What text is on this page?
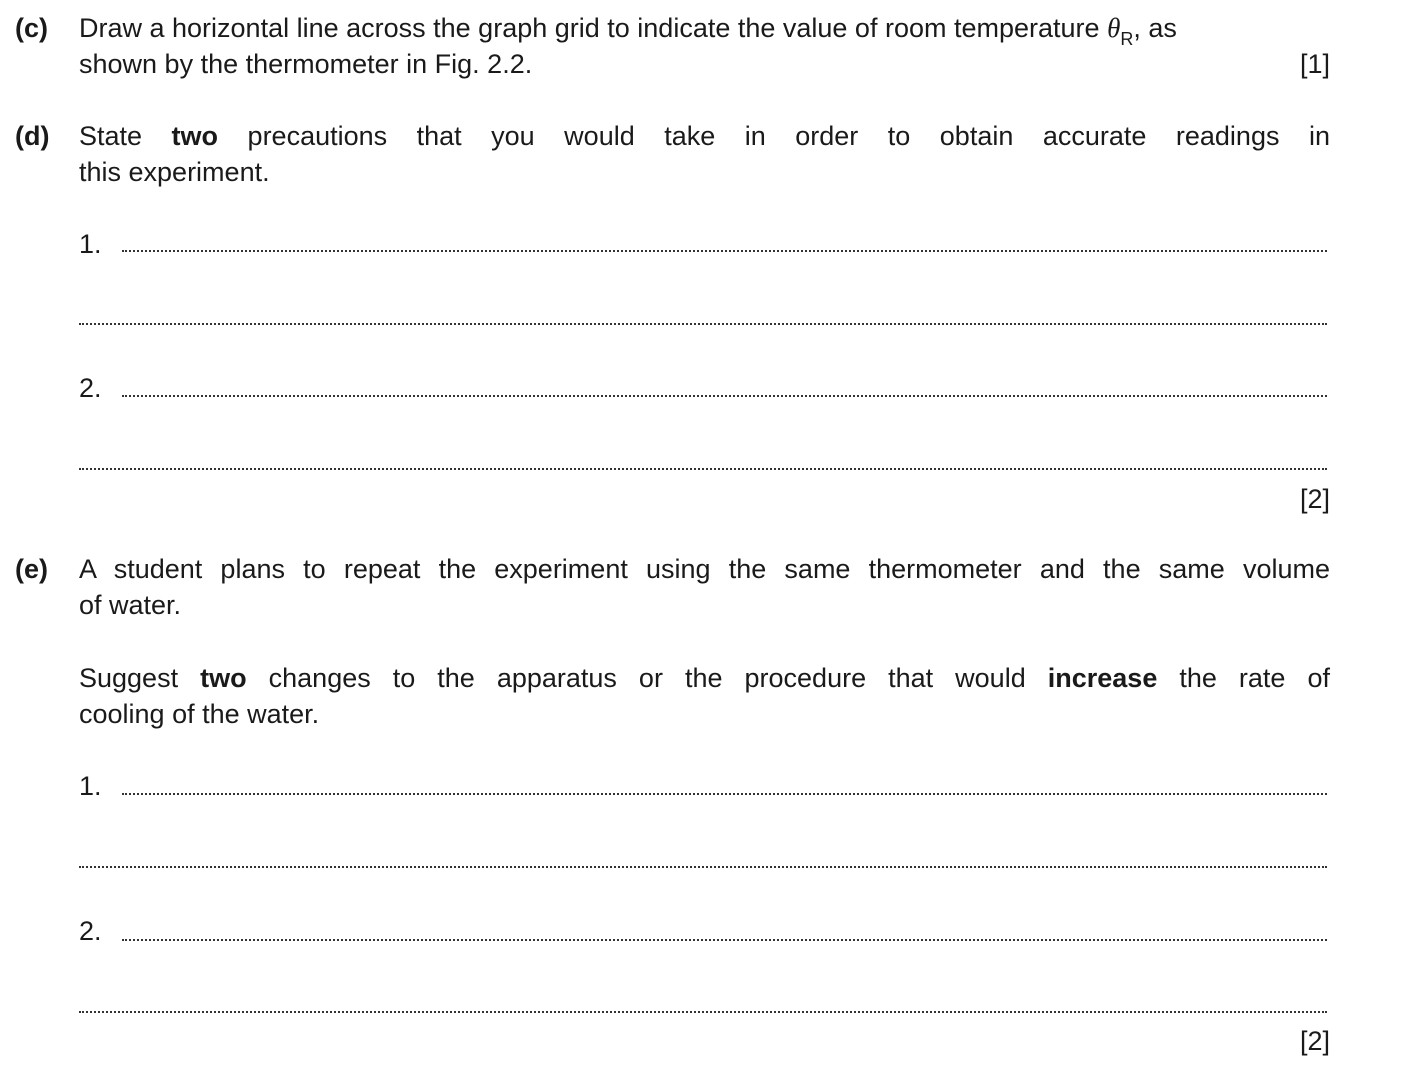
(c) Draw a horizontal line across the graph grid to indicate the value of room temperature $\theta_R$, as
shown by the thermometer in Fig. 2.2.	[1]
(d) State two precautions that you would take in order to obtain accurate readings in
this experiment.
1.
2.
[2]
(e) A student plans to repeat the experiment using the same thermometer and the same volume
of water.
Suggest two changes to the apparatus or the procedure that would increase the rate of
cooling of the water.
1.
2.
[2]
